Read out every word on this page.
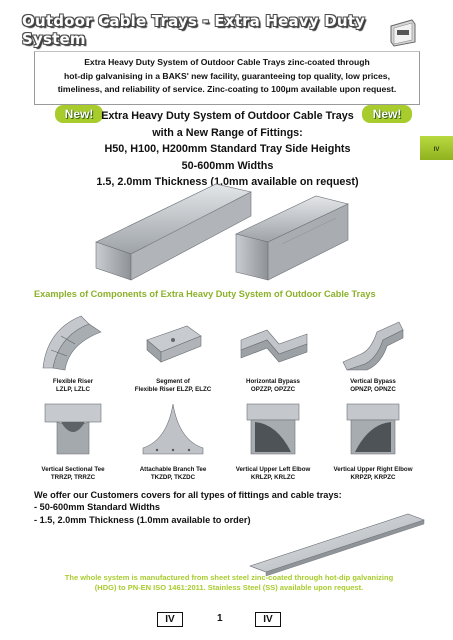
Outdoor Cable Trays - Extra Heavy Duty System
Extra Heavy Duty System of Outdoor Cable Trays zinc-coated through
hot-dip galvanising in a BAKS' new facility, guaranteeing top quality, low prices,
timeliness, and reliability of service. Zinc-coating to 100μm available upon request.
New!	New!
Extra Heavy Duty System of Outdoor Cable Trays
with a New Range of Fittings:
H50, H100, H200mm Standard Tray Side Heights
50-600mm Widths
1.5, 2.0mm Thickness (1.0mm available on request)
IV
Examples of Components of Extra Heavy Duty System of Outdoor Cable Trays
Flexible Riser
LZLP, LZLC
Segment of
Flexible Riser ELZP, ELZC
Horizontal Bypass
OPZZP, OPZZC
Vertical Bypass
OPNZP, OPNZC
Vertical Sectional Tee
TRRZP, TRRZC
Attachable Branch Tee
TKZDP, TKZDC
Vertical Upper Left Elbow
KRLZP, KRLZC
Vertical Upper Right Elbow
KRPZP, KRPZC
We offer our Customers covers for all types of fittings and cable trays:
- 50-600mm Standard Widths
- 1.5, 2.0mm Thickness (1.0mm available to order)
The whole system is manufactured from sheet steel zinc-coated through hot-dip galvanizing
(HDG) to PN-EN ISO 1461:2011. Stainless Steel (SS) available upon request.
IV	1	IV
